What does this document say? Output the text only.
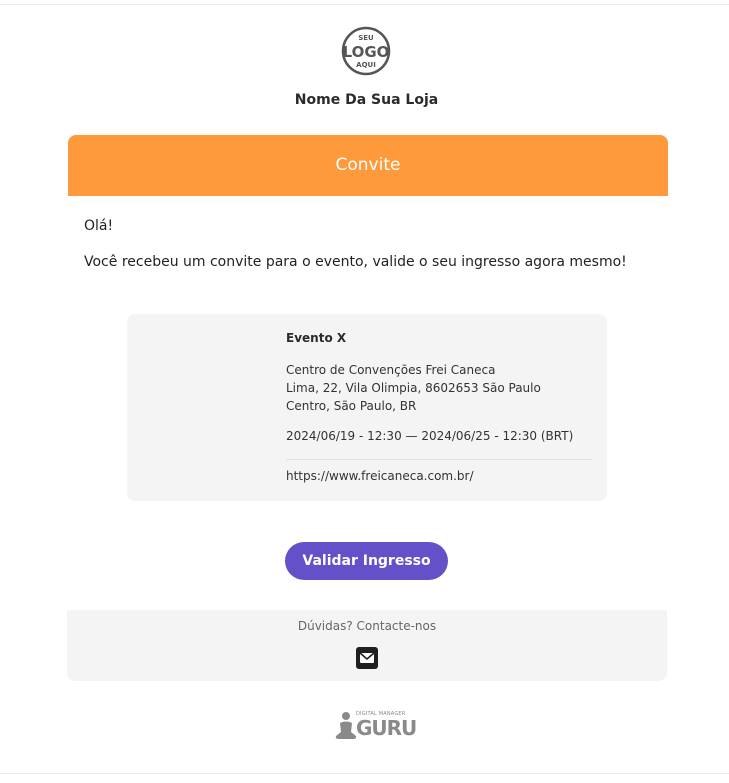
SEU
LOGO
AQUI
Nome Da Sua Loja
Convite
Olá!
Você recebeu um convite para o evento, valide o seu ingresso agora mesmo!
Evento X
Centro de Convenções Frei Caneca
Lima, 22, Vila Olimpia, 8602653 São Paulo
Centro, São Paulo, BR
2024/06/19 - 12:30 — 2024/06/25 - 12:30 (BRT)
https://www.freicaneca.com.br/
Validar Ingresso
Dúvidas? Contacte-nos
DIGITAL MANAGER
GURU
